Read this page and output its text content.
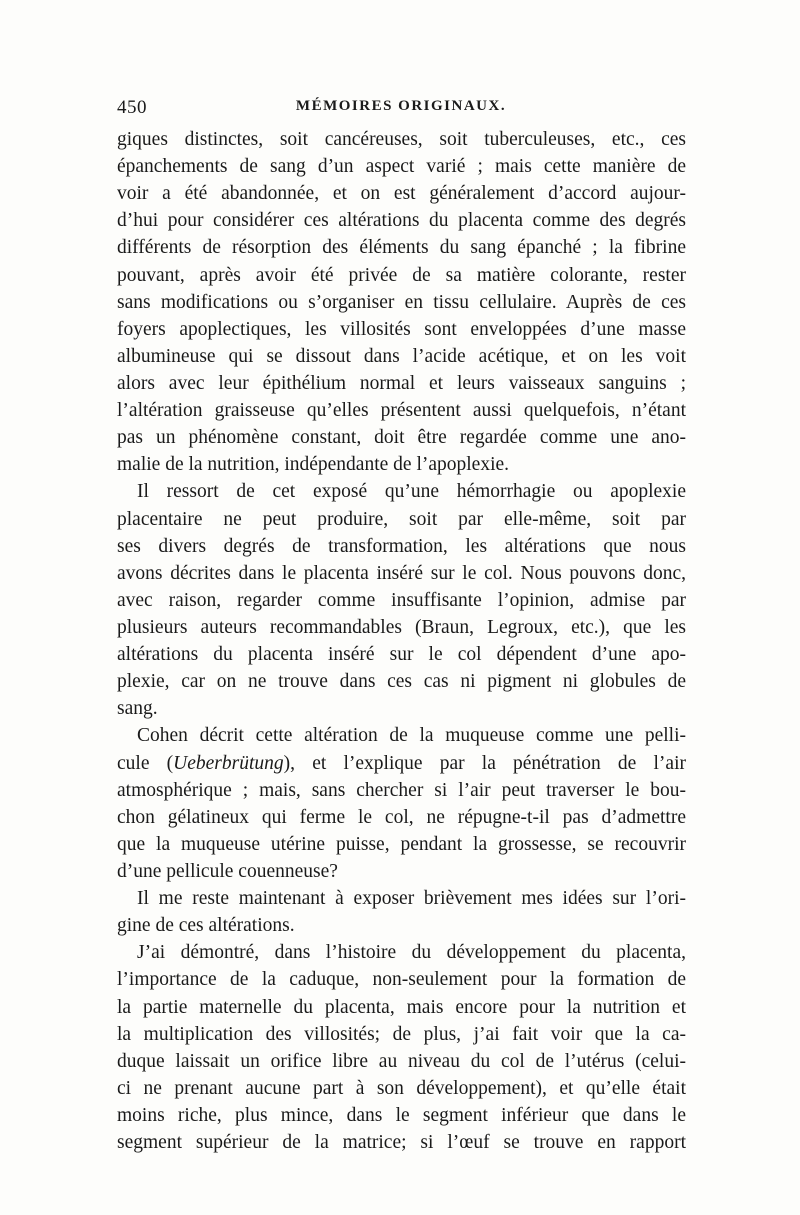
450	MÉMOIRES ORIGINAUX.
giques distinctes, soit cancéreuses, soit tuberculeuses, etc., ces
épanchements de sang d’un aspect varié ; mais cette manière de
voir a été abandonnée, et on est généralement d’accord aujour-
d’hui pour considérer ces altérations du placenta comme des degrés
différents de résorption des éléments du sang épanché ; la fibrine
pouvant, après avoir été privée de sa matière colorante, rester
sans modifications ou s’organiser en tissu cellulaire. Auprès de ces
foyers apoplectiques, les villosités sont enveloppées d’une masse
albumineuse qui se dissout dans l’acide acétique, et on les voit
alors avec leur épithélium normal et leurs vaisseaux sanguins ;
l’altération graisseuse qu’elles présentent aussi quelquefois, n’étant
pas un phénomène constant, doit être regardée comme une ano-
malie de la nutrition, indépendante de l’apoplexie.
Il ressort de cet exposé qu’une hémorrhagie ou apoplexie
placentaire ne peut produire, soit par elle-même, soit par
ses divers degrés de transformation, les altérations que nous
avons décrites dans le placenta inséré sur le col. Nous pouvons donc,
avec raison, regarder comme insuffisante l’opinion, admise par
plusieurs auteurs recommandables (Braun, Legroux, etc.), que les
altérations du placenta inséré sur le col dépendent d’une apo-
plexie, car on ne trouve dans ces cas ni pigment ni globules de
sang.
Cohen décrit cette altération de la muqueuse comme une pelli-
cule (Ueberbrütung), et l’explique par la pénétration de l’air
atmosphérique ; mais, sans chercher si l’air peut traverser le bou-
chon gélatineux qui ferme le col, ne répugne-t-il pas d’admettre
que la muqueuse utérine puisse, pendant la grossesse, se recouvrir
d’une pellicule couenneuse?
Il me reste maintenant à exposer brièvement mes idées sur l’ori-
gine de ces altérations.
J’ai démontré, dans l’histoire du développement du placenta,
l’importance de la caduque, non-seulement pour la formation de
la partie maternelle du placenta, mais encore pour la nutrition et
la multiplication des villosités; de plus, j’ai fait voir que la ca-
duque laissait un orifice libre au niveau du col de l’utérus (celui-
ci ne prenant aucune part à son développement), et qu’elle était
moins riche, plus mince, dans le segment inférieur que dans le
segment supérieur de la matrice; si l’œuf se trouve en rapport
